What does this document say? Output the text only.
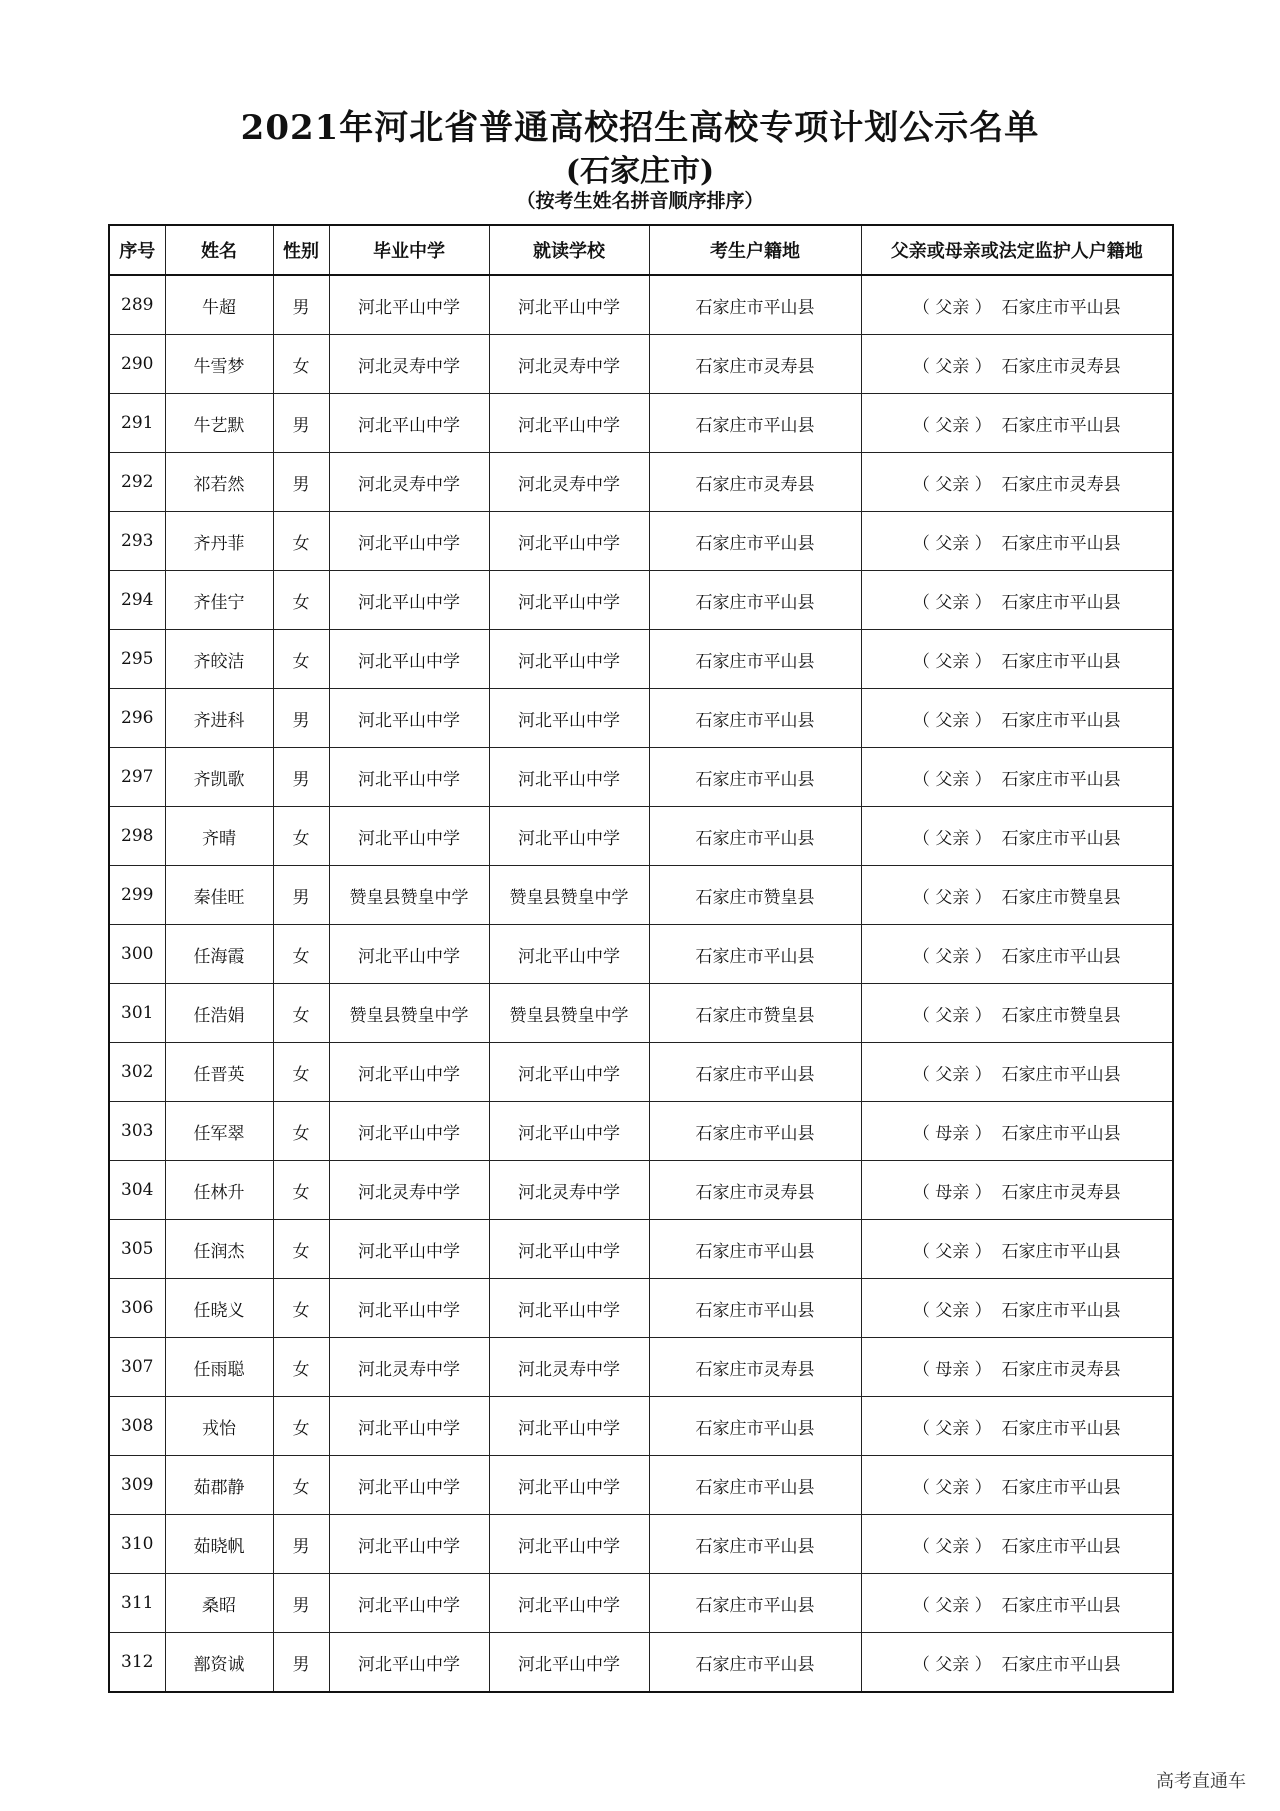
2021年河北省普通高校招生高校专项计划公示名单
(石家庄市)
（按考生姓名拼音顺序排序）
序号	姓名	性别	毕业中学	就读学校	考生户籍地	父亲或母亲或法定监护人户籍地
289	牛超	男	河北平山中学	河北平山中学	石家庄市平山县	（ 父亲 ） 石家庄市平山县
290	牛雪梦	女	河北灵寿中学	河北灵寿中学	石家庄市灵寿县	（ 父亲 ） 石家庄市灵寿县
291	牛艺默	男	河北平山中学	河北平山中学	石家庄市平山县	（ 父亲 ） 石家庄市平山县
292	祁若然	男	河北灵寿中学	河北灵寿中学	石家庄市灵寿县	（ 父亲 ） 石家庄市灵寿县
293	齐丹菲	女	河北平山中学	河北平山中学	石家庄市平山县	（ 父亲 ） 石家庄市平山县
294	齐佳宁	女	河北平山中学	河北平山中学	石家庄市平山县	（ 父亲 ） 石家庄市平山县
295	齐皎洁	女	河北平山中学	河北平山中学	石家庄市平山县	（ 父亲 ） 石家庄市平山县
296	齐进科	男	河北平山中学	河北平山中学	石家庄市平山县	（ 父亲 ） 石家庄市平山县
297	齐凯歌	男	河北平山中学	河北平山中学	石家庄市平山县	（ 父亲 ） 石家庄市平山县
298	齐晴	女	河北平山中学	河北平山中学	石家庄市平山县	（ 父亲 ） 石家庄市平山县
299	秦佳旺	男	赞皇县赞皇中学	赞皇县赞皇中学	石家庄市赞皇县	（ 父亲 ） 石家庄市赞皇县
300	任海霞	女	河北平山中学	河北平山中学	石家庄市平山县	（ 父亲 ） 石家庄市平山县
301	任浩娟	女	赞皇县赞皇中学	赞皇县赞皇中学	石家庄市赞皇县	（ 父亲 ） 石家庄市赞皇县
302	任晋英	女	河北平山中学	河北平山中学	石家庄市平山县	（ 父亲 ） 石家庄市平山县
303	任军翠	女	河北平山中学	河北平山中学	石家庄市平山县	（ 母亲 ） 石家庄市平山县
304	任林升	女	河北灵寿中学	河北灵寿中学	石家庄市灵寿县	（ 母亲 ） 石家庄市灵寿县
305	任润杰	女	河北平山中学	河北平山中学	石家庄市平山县	（ 父亲 ） 石家庄市平山县
306	任晓义	女	河北平山中学	河北平山中学	石家庄市平山县	（ 父亲 ） 石家庄市平山县
307	任雨聪	女	河北灵寿中学	河北灵寿中学	石家庄市灵寿县	（ 母亲 ） 石家庄市灵寿县
308	戎怡	女	河北平山中学	河北平山中学	石家庄市平山县	（ 父亲 ） 石家庄市平山县
309	茹郡静	女	河北平山中学	河北平山中学	石家庄市平山县	（ 父亲 ） 石家庄市平山县
310	茹晓帆	男	河北平山中学	河北平山中学	石家庄市平山县	（ 父亲 ） 石家庄市平山县
311	桑昭	男	河北平山中学	河北平山中学	石家庄市平山县	（ 父亲 ） 石家庄市平山县
312	鄯资诚	男	河北平山中学	河北平山中学	石家庄市平山县	（ 父亲 ） 石家庄市平山县
高考直通车
